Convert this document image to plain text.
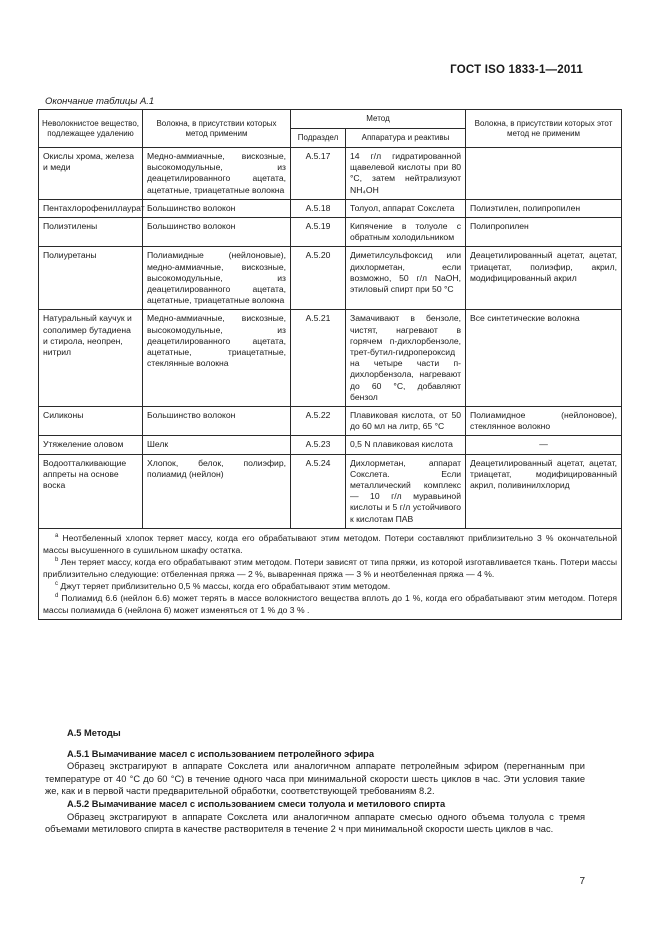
ГОСТ ISO 1833-1—2011
Окончание таблицы А.1
Неволокнистое вещество, подлежащее удалению	Волокна, в присутствии которых метод применим	Метод		Волокна, в присутствии которых этот метод не применим
		Подраздел	Аппаратура и реактивы	
Окислы хрома, железа и меди	Медно-аммиачные, вискозные, высокомодульные, из деацетилированного ацетата, ацетатные, триацетатные волокна	А.5.17	14 г/л гидратированной щавелевой кислоты при 80 °С, затем нейтрализуют NH₄OH	
Пентахлорофениллаурат	Большинство волокон	А.5.18	Толуол, аппарат Сокслета	Полиэтилен, полипропилен
Полиэтилены	Большинство волокон	А.5.19	Кипячение в толуоле с обратным холодильником	Полипропилен
Полиуретаны	Полиамидные (нейлоновые), медно-аммиачные, вискозные, высокомодульные, из деацетилированного ацетата, ацетатные, триацетатные волокна	А.5.20	Диметилсульфоксид или дихлорметан, если возможно, 50 г/л NaOH, этиловый спирт при 50 °С	Деацетилированный ацетат, ацетат, триацетат, полиэфир, акрил, модифицированный акрил
Натуральный каучук и сополимер бутадиена и стирола, неопрен, нитрил	Медно-аммиачные, вискозные, высокомодульные, из деацетилированного ацетата, ацетатные, триацетатные, стеклянные волокна	А.5.21	Замачивают в бензоле, чистят, нагревают в горячем п-дихлорбензоле, трет-бутил-гидропероксид на четыре части п-дихлорбензола, нагревают до 60 °С, добавляют бензол	Все синтетические волокна
Силиконы	Большинство волокон	А.5.22	Плавиковая кислота, от 50 до 60 мл на литр, 65 °С	Полиамидное (нейлоновое), стеклянное волокно
Утяжеление оловом	Шелк	А.5.23	0,5 N плавиковая кислота	—
Водоотталкивающие аппреты на основе воска	Хлопок, белок, полиэфир, полиамид (нейлон)	А.5.24	Дихлорметан, аппарат Сокслета. Если металлический комплекс — 10 г/л муравьиной кислоты и 5 г/л устойчивого к кислотам ПАВ	Деацетилированный ацетат, ацетат, триацетат, модифицированный акрил, поливинилхлорид

$^a$ Неотбеленный хлопок теряет массу, когда его обрабатывают этим методом. Потери составляют приблизительно 3 % окончательной массы высушенного в сушильном шкафу остатка.
$^b$ Лен теряет массу, когда его обрабатывают этим методом. Потери зависят от типа пряжи, из которой изготавливается ткань. Потери массы приблизительно следующие: отбеленная пряжа — 2 %, вываренная пряжа — 3 % и неотбеленная пряжа — 4 %.
$^c$ Джут теряет приблизительно 0,5 % массы, когда его обрабатывают этим методом.
$^d$ Полиамид 6.6 (нейлон 6.6) может терять в массе волокнистого вещества вплоть до 1 %, когда его обрабатывают этим методом. Потеря массы полиамида 6 (нейлона 6) может изменяться от 1 % до 3 % .				
А.5 Методы
А.5.1 Вымачивание масел с использованием петролейного эфира
Образец экстрагируют в аппарате Сокслета или аналогичном аппарате петролейным эфиром (перегнанным при температуре от 40 °С до 60 °С) в течение одного часа при минимальной скорости шесть циклов в час. Эти условия такие же, как и в первой части предварительной обработки, соответствующей требованиям 8.2.
А.5.2 Вымачивание масел с использованием смеси толуола и метилового спирта
Образец экстрагируют в аппарате Сокслета или аналогичном аппарате смесью одного объема толуола с тремя объемами метилового спирта в качестве растворителя в течение 2 ч при минимальной скорости шесть циклов в час.
7
